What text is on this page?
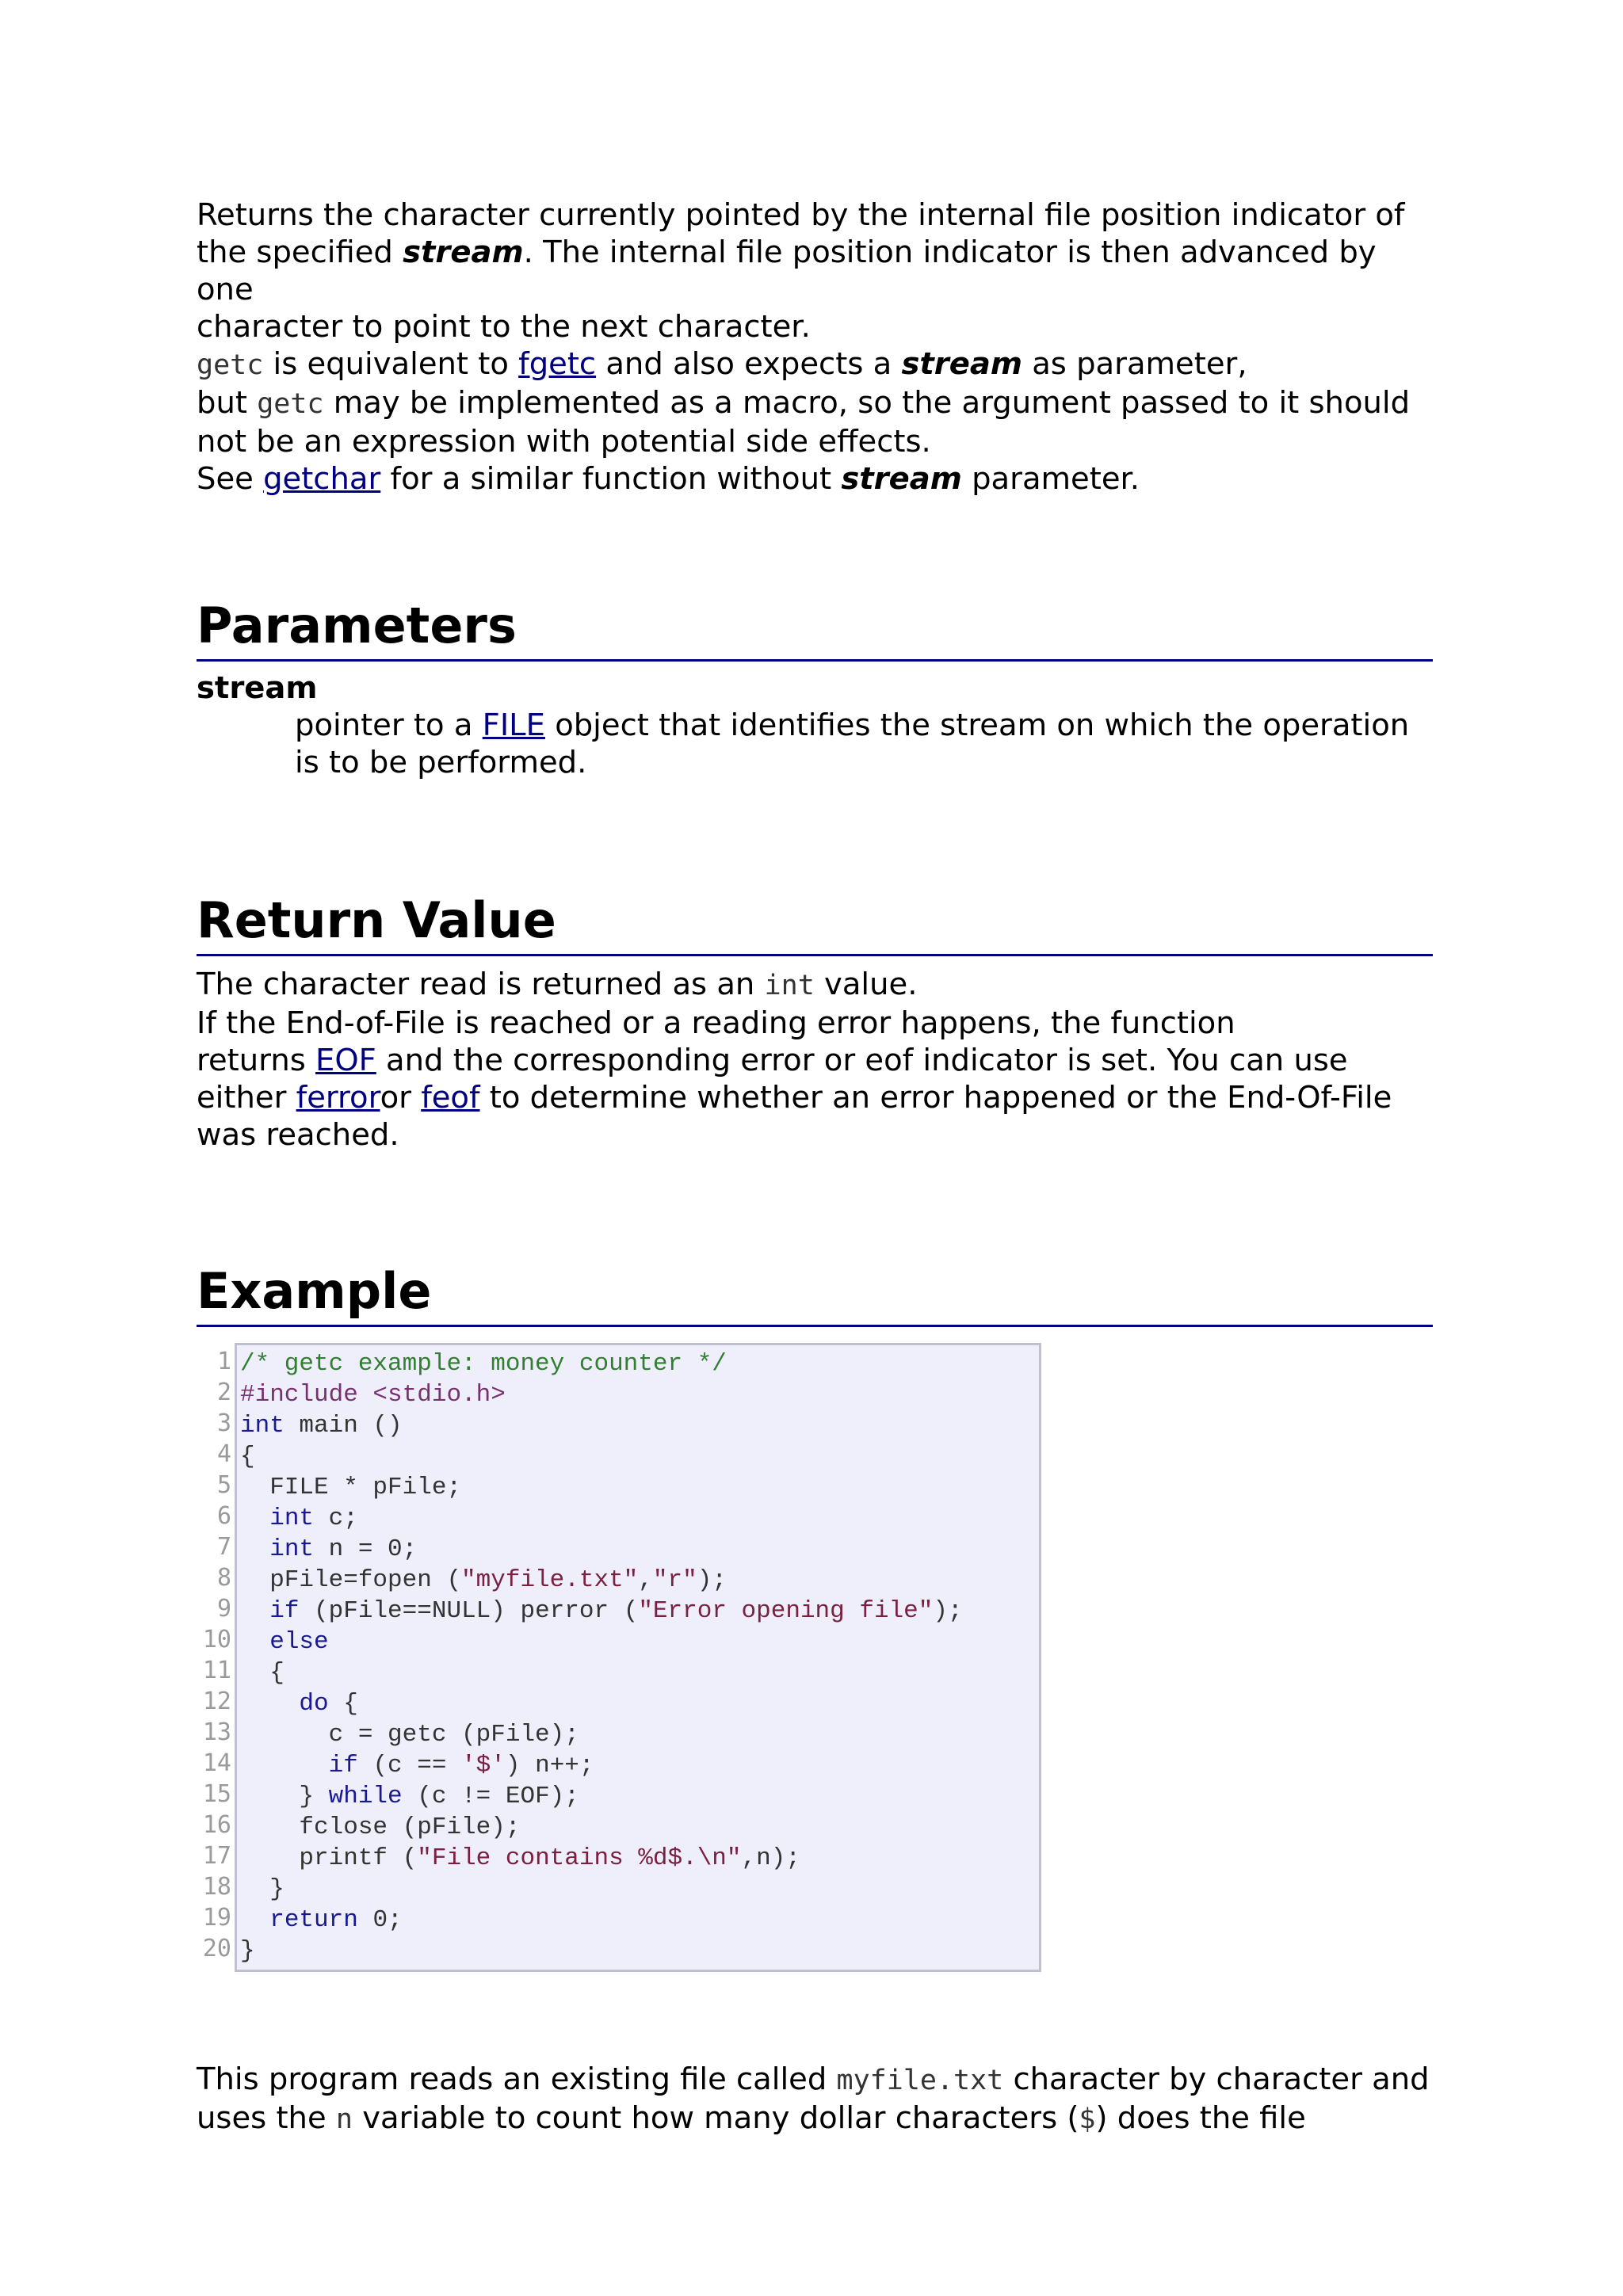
Returns the character currently pointed by the internal file position indicator of

the specified stream. The internal file position indicator is then advanced by one

character to point to the next character.

getc is equivalent to fgetc and also expects a stream as parameter,

but getc may be implemented as a macro, so the argument passed to it should

not be an expression with potential side effects.

See getchar for a similar function without stream parameter.

Parameters
stream

pointer to a FILE object that identifies the stream on which the operation

is to be performed.

Return Value

The character read is returned as an int value.

If the End-of-File is reached or a reading error happens, the function

returns EOF and the corresponding error or eof indicator is set. You can use

either ferroror feof to determine whether an error happened or the End-Of-File

was reached.

Example
1
2
3
4
5
6
7
8
9
10
11
12
13
14
15
16
17
18
19
20
/* getc example: money counter */
#include <stdio.h>
int main ()
{
FILE * pFile;
int c;
int n = 0;
pFile=fopen ("myfile.txt","r");
if (pFile==NULL) perror ("Error opening file");
else
{
do {
c = getc (pFile);
if (c == '$') n++;
} while (c != EOF);
fclose (pFile);
printf ("File contains %d$.\n",n);
}
return 0;
}

This program reads an existing file called myfile.txt character by character and

uses the n variable to count how many dollar characters ($) does the file
